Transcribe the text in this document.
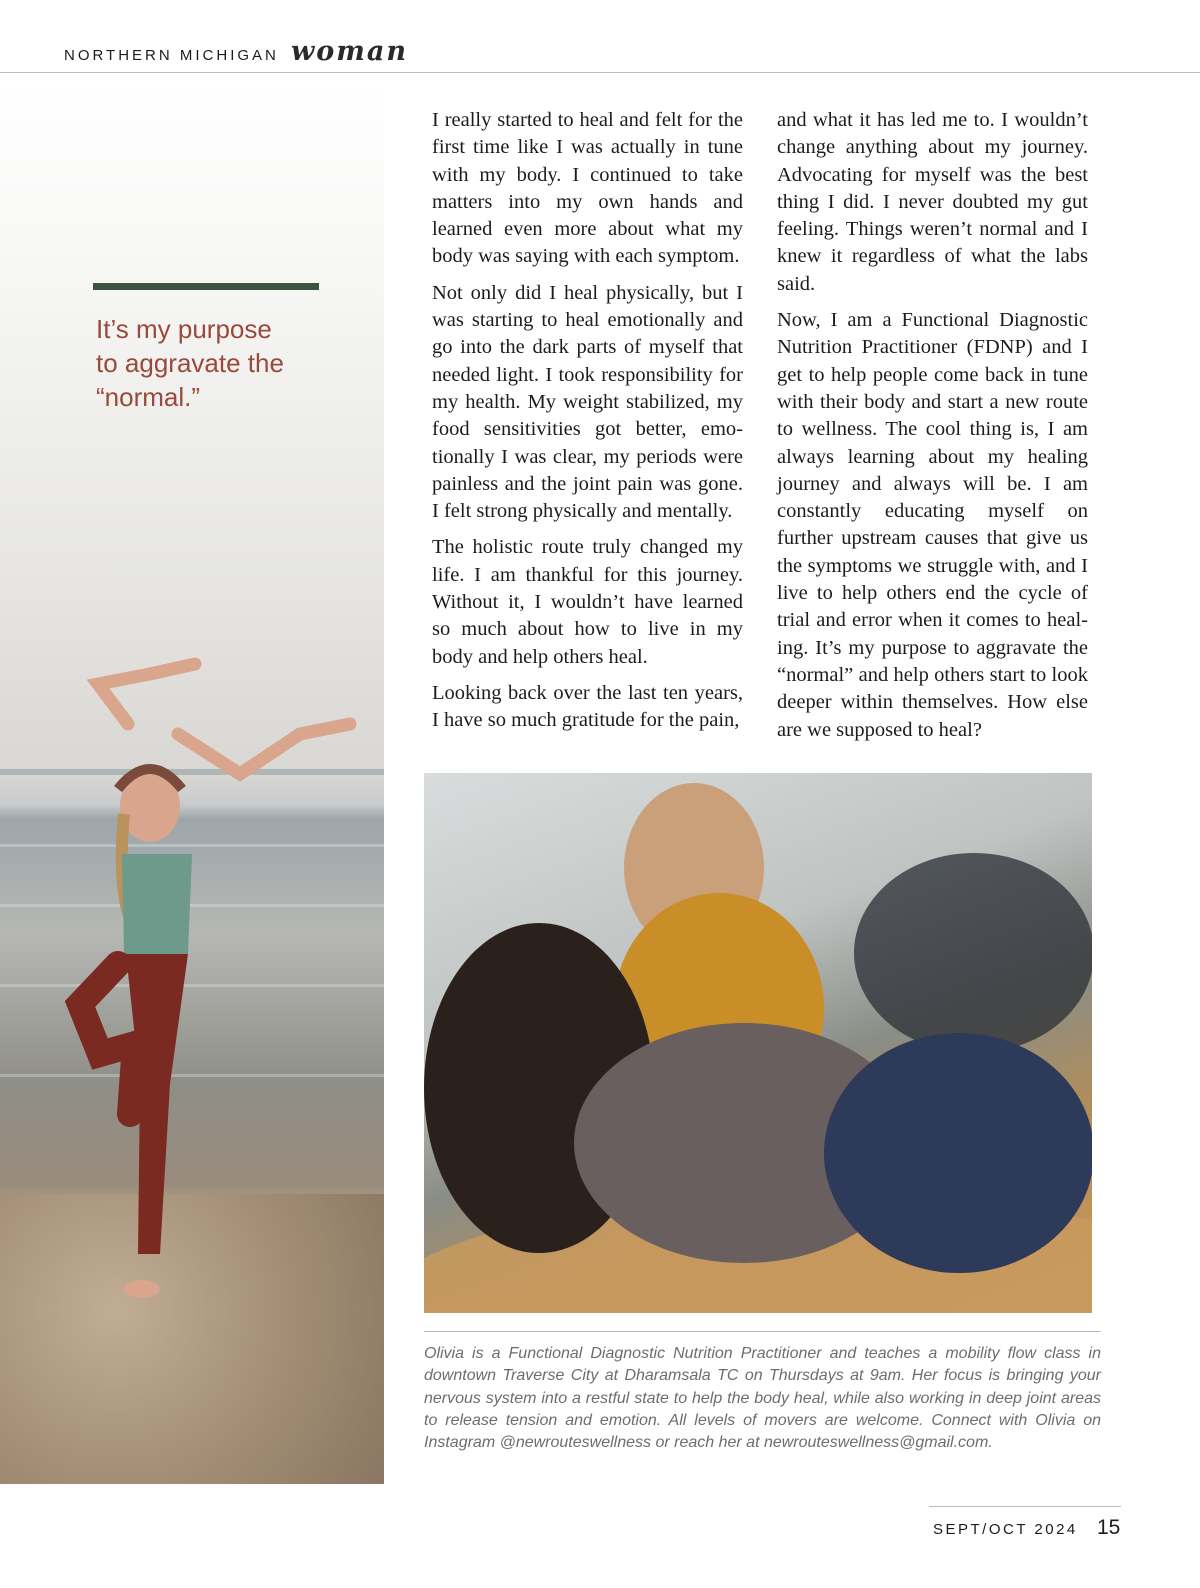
NORTHERN MICHIGAN woman
It’s my purpose
to aggravate the
“normal.”

I really started to heal and felt for the first time like I was actually in tune with my body. I continued to take matters into my own hands and learned even more about what my body was saying with each symptom.

Not only did I heal physically, but I was starting to heal emotionally and go into the dark parts of myself that needed light. I took responsibility for my health. My weight stabilized, my food sensitivities got better, emotionally I was clear, my periods were painless and the joint pain was gone. I felt strong physically and mentally.

The holistic route truly changed my life. I am thankful for this journey. Without it, I wouldn’t have learned so much about how to live in my body and help others heal.

Looking back over the last ten years, I have so much gratitude for the pain,

and what it has led me to. I wouldn’t change anything about my journey. Advocating for myself was the best thing I did. I never doubted my gut feeling. Things weren’t normal and I knew it regardless of what the labs said.

Now, I am a Functional Diagnostic Nutrition Practitioner (FDNP) and I get to help people come back in tune with their body and start a new route to wellness. The cool thing is, I am always learning about my healing journey and always will be. I am constantly educating myself on further upstream causes that give us the symptoms we struggle with, and I live to help others end the cycle of trial and error when it comes to healing. It’s my purpose to aggravate the “normal” and help others start to look deeper within themselves. How else are we supposed to heal?

Olivia is a Functional Diagnostic Nutrition Practitioner and teaches a mobility flow class in downtown Traverse City at Dharamsala TC on Thursdays at 9am. Her focus is bringing your nervous system into a restful state to help the body heal, while also working in deep joint areas to release tension and emotion. All levels of movers are welcome. Connect with Olivia on Instagram @newrouteswellness or reach her at newrouteswellness@gmail.com.
SEPT/OCT 2024 15
